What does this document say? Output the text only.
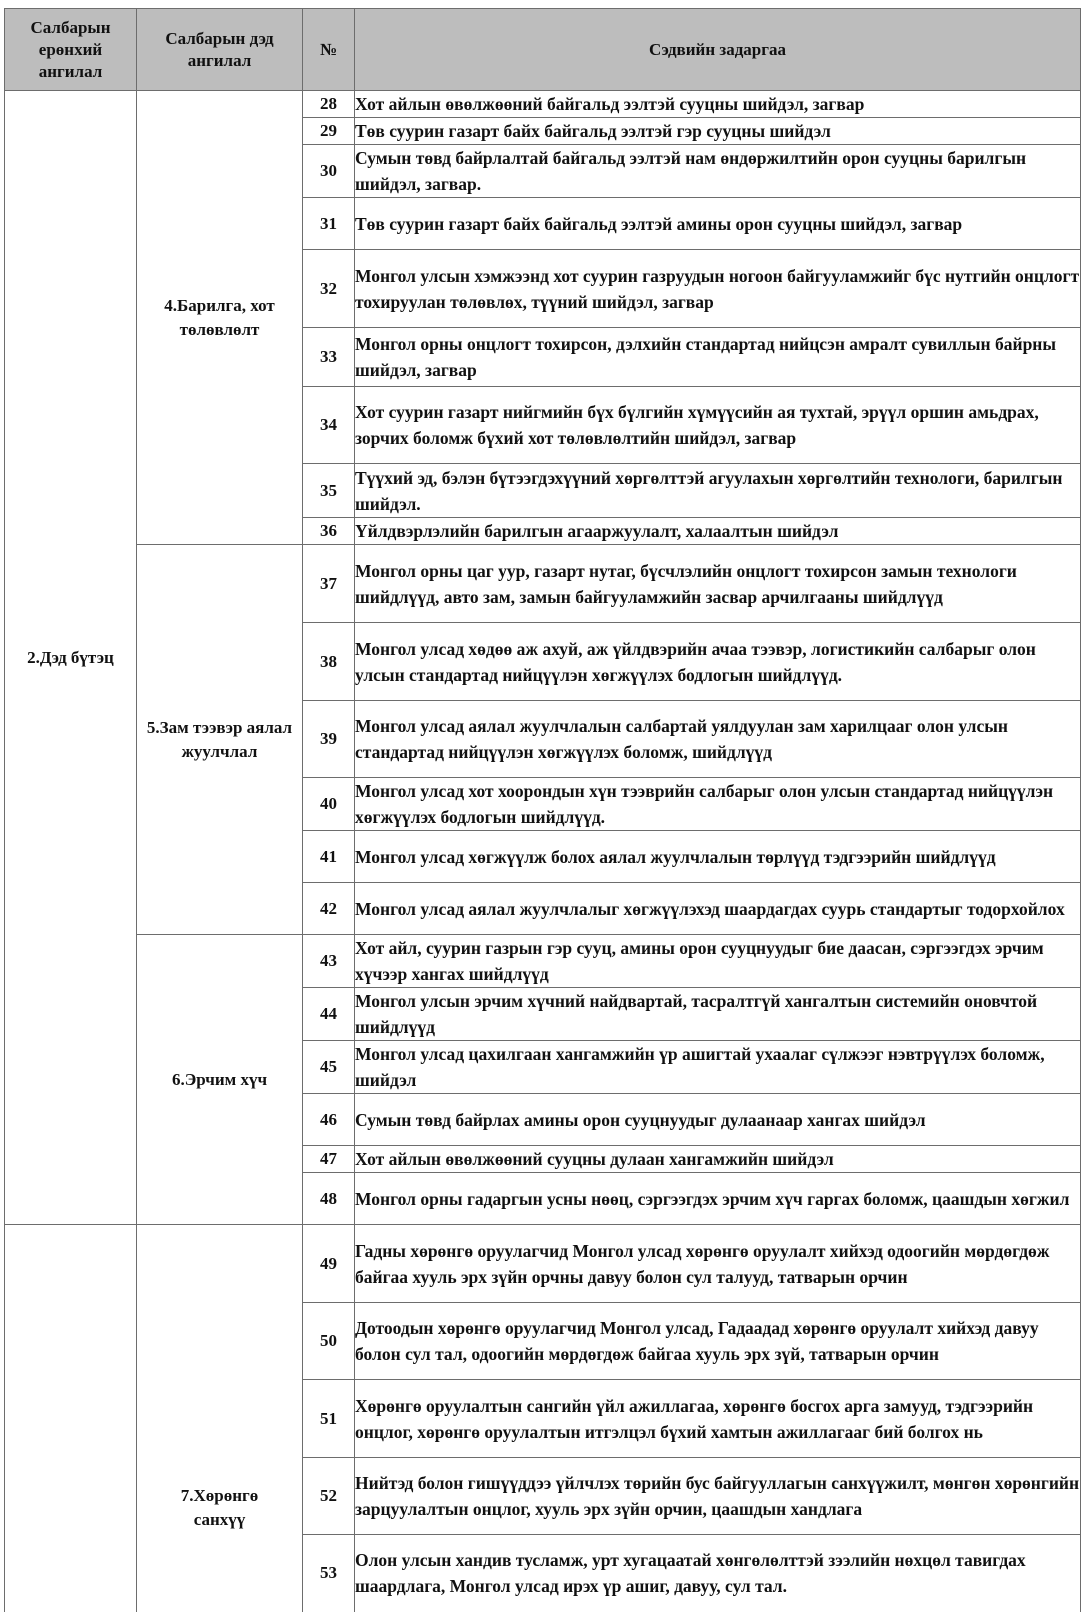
Салбарын ерөнхий ангилал	Салбарын дэд ангилал	№	Сэдвийн задаргаа
2.Дэд бүтэц	4.Барилга, хот төлөвлөлт	28	Хот айлын өвөлжөөний байгальд ээлтэй сууцны шийдэл, загвар
		29	Төв суурин газарт байх байгальд ээлтэй гэр сууцны шийдэл
		30	Сумын төвд байрлалтай байгальд ээлтэй нам өндөржилтийн орон сууцны барилгын шийдэл, загвар.
		31	Төв суурин газарт байх байгальд ээлтэй амины орон сууцны шийдэл, загвар
		32	Монгол улсын хэмжээнд хот суурин газруудын ногоон байгууламжийг бүс нутгийн онцлогт тохируулан төлөвлөх, түүний шийдэл, загвар
		33	Монгол орны онцлогт тохирсон, дэлхийн стандартад нийцсэн амралт сувиллын байрны шийдэл, загвар
		34	Хот суурин газарт нийгмийн бүх бүлгийн хүмүүсийн ая тухтай, эрүүл оршин амьдрах, зорчих боломж бүхий хот төлөвлөлтийн шийдэл, загвар
		35	Түүхий эд, бэлэн бүтээгдэхүүний хөргөлттэй агуулахын хөргөлтийн технологи, барилгын шийдэл.
		36	Үйлдвэрлэлийн барилгын агааржуулалт, халаалтын шийдэл
	5.Зам тээвэр аялал жуулчлал	37	Монгол орны цаг уур, газарт нутаг, бүсчлэлийн онцлогт тохирсон замын технологи шийдлүүд, авто зам, замын байгууламжийн засвар арчилгааны шийдлүүд
		38	Монгол улсад хөдөө аж ахуй, аж үйлдвэрийн ачаа тээвэр, логистикийн салбарыг олон улсын стандартад нийцүүлэн хөгжүүлэх бодлогын шийдлүүд.
		39	Монгол улсад аялал жуулчлалын салбартай уялдуулан зам харилцааг олон улсын стандартад нийцүүлэн хөгжүүлэх боломж, шийдлүүд
		40	Монгол улсад хот хоорондын хүн тээврийн салбарыг олон улсын стандартад нийцүүлэн хөгжүүлэх бодлогын шийдлүүд.
		41	Монгол улсад хөгжүүлж болох аялал жуулчлалын төрлүүд тэдгээрийн шийдлүүд
		42	Монгол улсад аялал жуулчлалыг хөгжүүлэхэд шаардагдах суурь стандартыг тодорхойлох
	6.Эрчим хүч	43	Хот айл, суурин газрын гэр сууц, амины орон сууцнуудыг бие даасан, сэргээгдэх эрчим хүчээр хангах шийдлүүд
		44	Монгол улсын эрчим хүчний найдвартай, тасралтгүй хангалтын системийн оновчтой шийдлүүд
		45	Монгол улсад цахилгаан хангамжийн үр ашигтай ухаалаг сүлжээг нэвтрүүлэх боломж, шийдэл
		46	Сумын төвд байрлах амины орон сууцнуудыг дулаанаар хангах шийдэл
		47	Хот айлын өвөлжөөний сууцны дулаан хангамжийн шийдэл
		48	Монгол орны гадаргын усны нөөц, сэргээгдэх эрчим хүч гаргах боломж, цаашдын хөгжил

	7.Хөрөнгө санхүү	49	Гадны хөрөнгө оруулагчид Монгол улсад хөрөнгө оруулалт хийхэд одоогийн мөрдөгдөж байгаа хууль эрх зүйн орчны давуу болон сул талууд, татварын орчин
		50	Дотоодын хөрөнгө оруулагчид Монгол улсад, Гадаадад хөрөнгө оруулалт хийхэд давуу болон сул тал, одоогийн мөрдөгдөж байгаа хууль эрх зүй, татварын орчин
		51	Хөрөнгө оруулалтын сангийн үйл ажиллагаа, хөрөнгө босгох арга замууд, тэдгээрийн онцлог, хөрөнгө оруулалтын итгэлцэл бүхий хамтын ажиллагааг бий болгох нь
		52	Нийтэд болон гишүүддээ үйлчлэх төрийн бус байгууллагын санхүүжилт, мөнгөн хөрөнгийн зарцуулалтын онцлог, хууль эрх зүйн орчин, цаашдын хандлага
		53	Олон улсын хандив тусламж, урт хугацаатай хөнгөлөлттэй зээлийн нөхцөл тавигдах шаардлага, Монгол улсад ирэх үр ашиг, давуу, сул тал.
